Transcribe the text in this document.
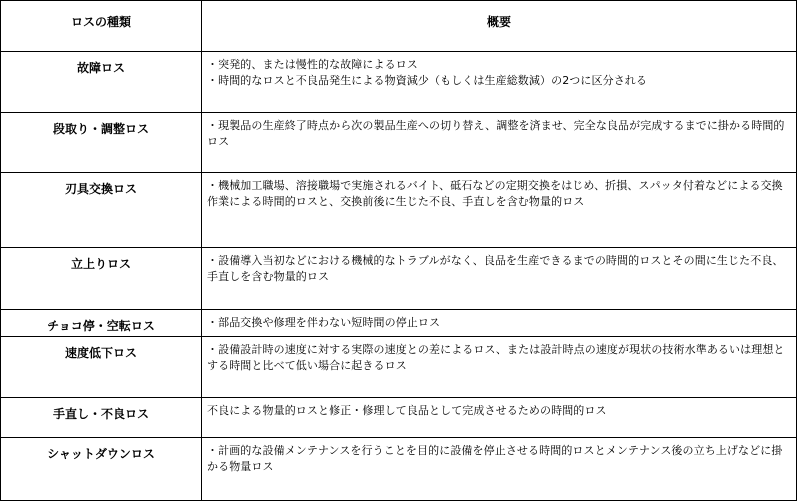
ロスの種類	概要

故障ロス	・突発的、または慢性的な故障によるロス
・時間的なロスと不良品発生による物資減少（もしくは生産総数減）の2つに区分される

段取り・調整ロス	・現製品の生産終了時点から次の製品生産への切り替え、調整を済ませ、完全な良品が完成するまでに掛かる時間的ロス

刃具交換ロス	・機械加工職場、溶接職場で実施されるバイト、砥石などの定期交換をはじめ、折損、スパッタ付着などによる交換作業による時間的ロスと、交換前後に生じた不良、手直しを含む物量的ロス

立上りロス	・設備導入当初などにおける機械的なトラブルがなく、良品を生産できるまでの時間的ロスとその間に生じた不良、手直しを含む物量的ロス

チョコ停・空転ロス	・部品交換や修理を伴わない短時間の停止ロス

速度低下ロス	・設備設計時の速度に対する実際の速度との差によるロス、または設計時点の速度が現状の技術水準あるいは理想とする時間と比べて低い場合に起きるロス

手直し・不良ロス	不良による物量的ロスと修正・修理して良品として完成させるための時間的ロス

シャットダウンロス	・計画的な設備メンテナンスを行うことを目的に設備を停止させる時間的ロスとメンテナンス後の立ち上げなどに掛かる物量ロス
